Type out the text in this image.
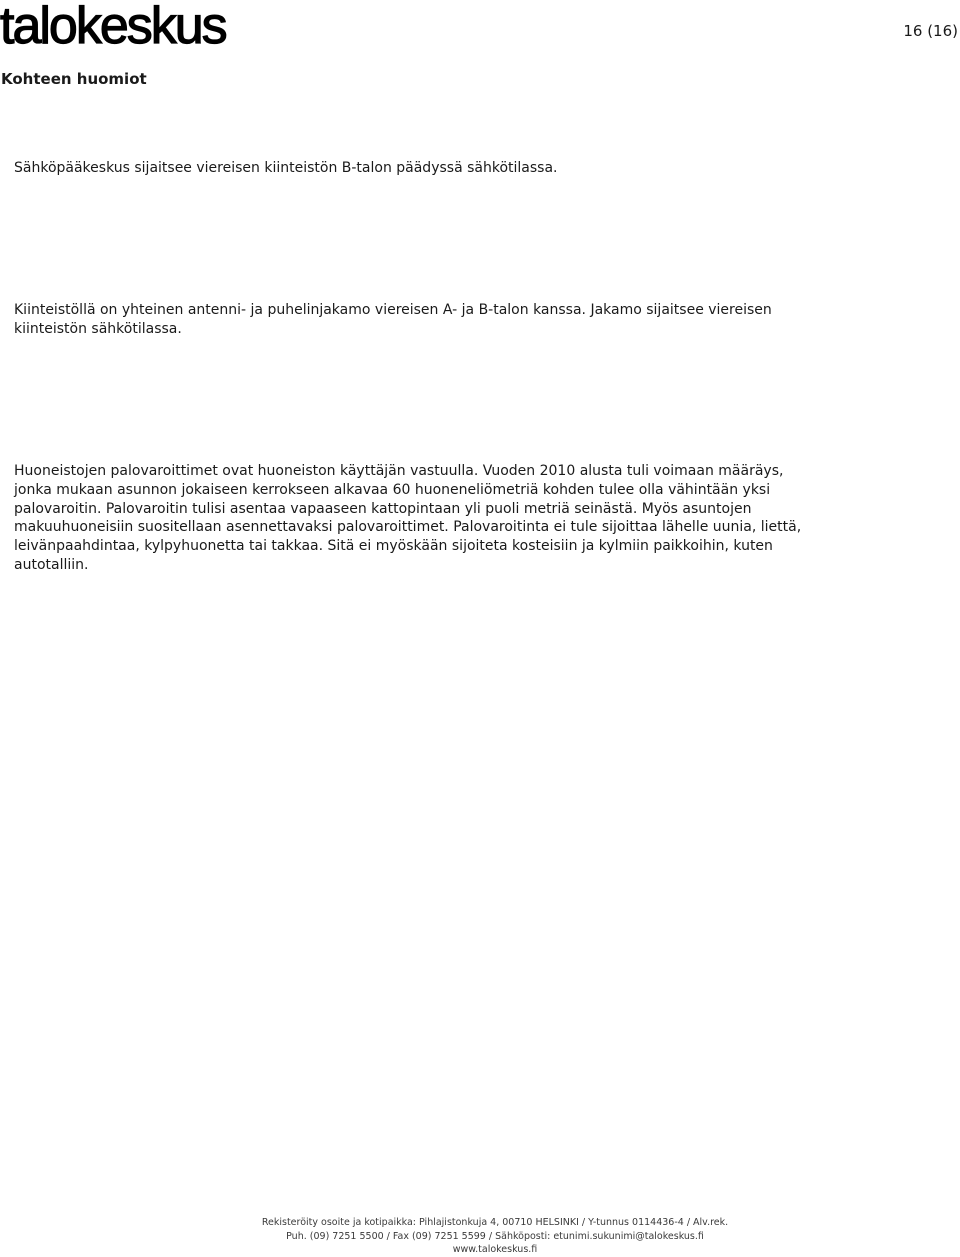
talokeskus	16 (16)
Kohteen huomiot

Sähköpääkeskus sijaitsee viereisen kiinteistön B-talon päädyssä sähkötilassa.

Kiinteistöllä on yhteinen antenni- ja puhelinjakamo viereisen A- ja B-talon kanssa. Jakamo sijaitsee viereisen kiinteistön sähkötilassa.

Huoneistojen palovaroittimet ovat huoneiston käyttäjän vastuulla. Vuoden 2010 alusta tuli voimaan määräys, jonka mukaan asunnon jokaiseen kerrokseen alkavaa 60 huoneneliömetriä kohden tulee olla vähintään yksi palovaroitin. Palovaroitin tulisi asentaa vapaaseen kattopintaan yli puoli metriä seinästä. Myös asuntojen makuuhuoneisiin suositellaan asennettavaksi palovaroittimet. Palovaroitinta ei tule sijoittaa lähelle uunia, liettä, leivänpaahdintaa, kylpyhuonetta tai takkaa. Sitä ei myöskään sijoiteta kosteisiin ja kylmiin paikkoihin, kuten autotalliin.

Rekisteröity osoite ja kotipaikka: Pihlajistonkuja 4, 00710 HELSINKI / Y-tunnus 0114436-4 / Alv.rek.
Puh. (09) 7251 5500 / Fax (09) 7251 5599 / Sähköposti: etunimi.sukunimi@talokeskus.fi
www.talokeskus.fi
